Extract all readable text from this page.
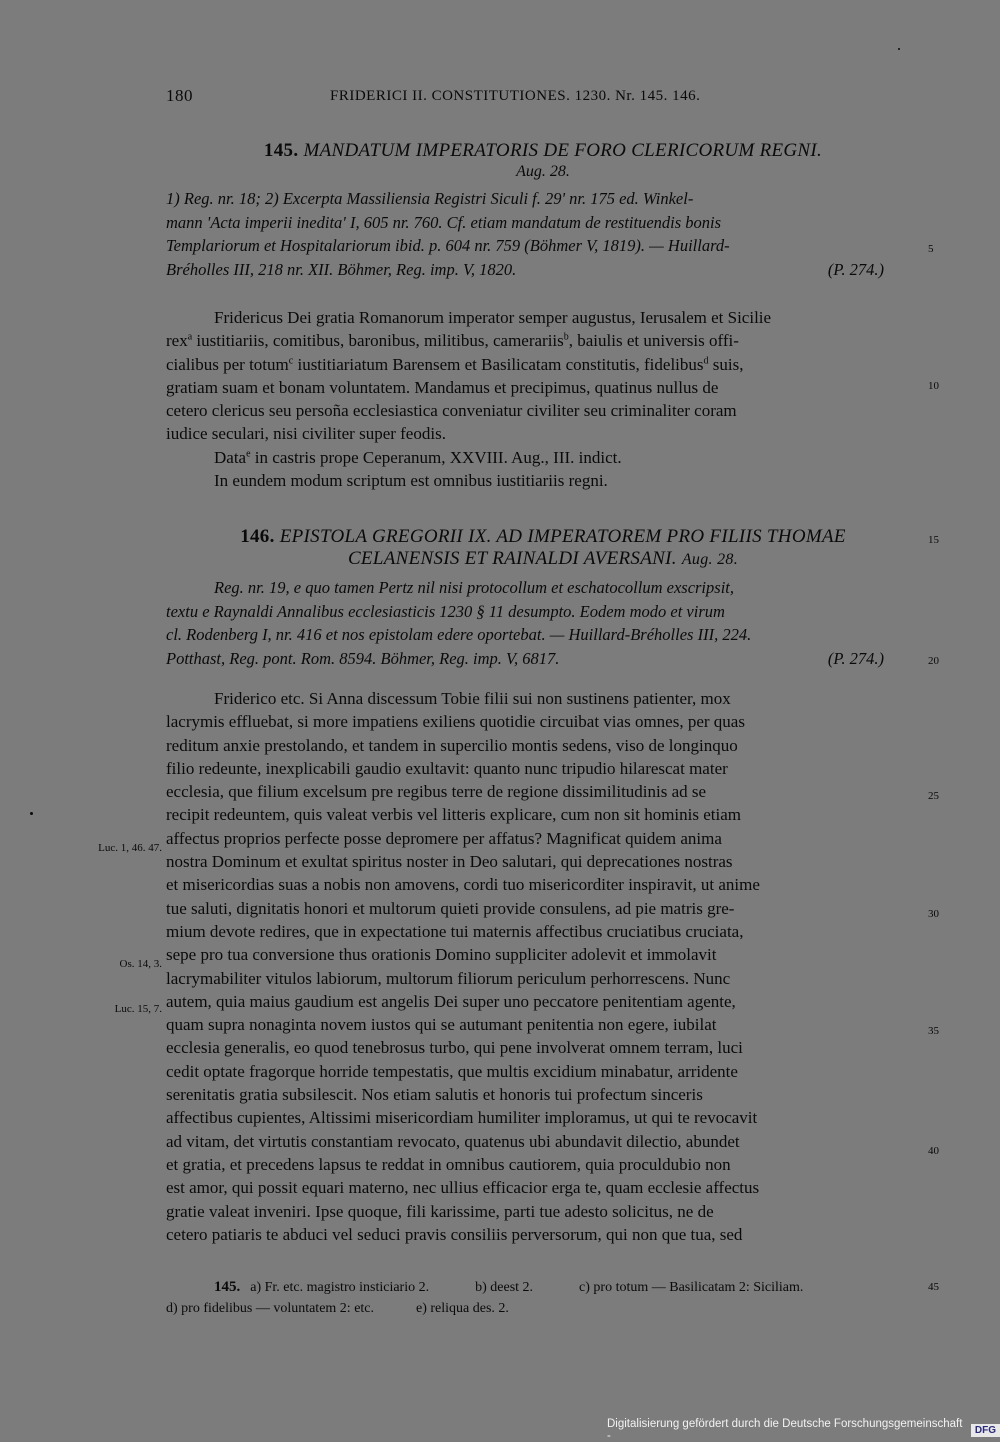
180	FRIDERICI II. CONSTITUTIONES. 1230. Nr. 145. 146.
145. MANDATUM IMPERATORIS DE FORO CLERICORUM REGNI.
Aug. 28.
1) Reg. nr. 18; 2) Excerpta Massiliensia Registri Siculi f. 29' nr. 175 ed. Winkel-
mann 'Acta imperii inedita' I, 605 nr. 760. Cf. etiam mandatum de restituendis bonis
Templariorum et Hospitalariorum ibid. p. 604 nr. 759 (Böhmer V, 1819). — Huillard-
Bréholles III, 218 nr. XII. Böhmer, Reg. imp. V, 1820.	(P. 274.)
Fridericus Dei gratia Romanorum imperator semper augustus, Ierusalem et Sicilie
rex$^a$ iustitiariis, comitibus, baronibus, militibus, camerariis$^b$, baiulis et universis offi-
cialibus per totum$^c$ iustitiariatum Barensem et Basilicatam constitutis, fidelibus$^d$ suis,
gratiam suam et bonam voluntatem. Mandamus et precipimus, quatinus nullus de
cetero clericus seu persoña ecclesiastica conveniatur civiliter seu criminaliter coram
iudice seculari, nisi civiliter super feodis.
Data$^e$ in castris prope Ceperanum, XXVIII. Aug., III. indict.
In eundem modum scriptum est omnibus iustitiariis regni.
146. EPISTOLA GREGORII IX. AD IMPERATOREM PRO FILIIS THOMAE
CELANENSIS ET RAINALDI AVERSANI. Aug. 28.
Reg. nr. 19, e quo tamen Pertz nil nisi protocollum et eschatocollum exscripsit,
textu e Raynaldi Annalibus ecclesiasticis 1230 § 11 desumpto. Eodem modo et virum
cl. Rodenberg I, nr. 416 et nos epistolam edere oportebat. — Huillard-Bréholles III, 224.
Potthast, Reg. pont. Rom. 8594. Böhmer, Reg. imp. V, 6817.	(P. 274.)
Friderico etc. Si Anna discessum Tobie filii sui non sustinens patienter, mox
lacrymis effluebat, si more impatiens exiliens quotidie circuibat vias omnes, per quas
reditum anxie prestolando, et tandem in supercilio montis sedens, viso de longinquo
filio redeunte, inexplicabili gaudio exultavit: quanto nunc tripudio hilarescat mater
ecclesia, que filium excelsum pre regibus terre de regione dissimilitudinis ad se
recipit redeuntem, quis valeat verbis vel litteris explicare, cum non sit hominis etiam
affectus proprios perfecte posse depromere per affatus? Magnificat quidem anima
nostra Dominum et exultat spiritus noster in Deo salutari, qui deprecationes nostras
et misericordias suas a nobis non amovens, cordi tuo misericorditer inspiravit, ut anime
tue saluti, dignitatis honori et multorum quieti provide consulens, ad pie matris gre-
mium devote redires, que in expectatione tui maternis affectibus cruciatibus cruciata,
sepe pro tua conversione thus orationis Domino suppliciter adolevit et immolavit
lacrymabiliter vitulos labiorum, multorum filiorum periculum perhorrescens. Nunc
autem, quia maius gaudium est angelis Dei super uno peccatore penitentiam agente,
quam supra nonaginta novem iustos qui se autumant penitentia non egere, iubilat
ecclesia generalis, eo quod tenebrosus turbo, qui pene involverat omnem terram, luci
cedit optate fragorque horride tempestatis, que multis excidium minabatur, arridente
serenitatis gratia subsilescit. Nos etiam salutis et honoris tui profectum sinceris
affectibus cupientes, Altissimi misericordiam humiliter imploramus, ut qui te revocavit
ad vitam, det virtutis constantiam revocato, quatenus ubi abundavit dilectio, abundet
et gratia, et precedens lapsus te reddat in omnibus cautiorem, quia proculdubio non
est amor, qui possit equari materno, nec ullius efficacior erga te, quam ecclesie affectus
gratie valeat inveniri. Ipse quoque, fili karissime, parti tue adesto solicitus, ne de
cetero patiaris te abduci vel seduci pravis consiliis perversorum, qui non que tua, sed
5
10
15
20
25
30
35
40
45
Luc. 1, 46. 47.
Os. 14, 3.
Luc. 15, 7.
145. a) Fr. etc. magistro insticiario 2.	b) deest 2.	c) pro totum — Basilicatam 2: Siciliam.
d) pro fidelibus — voluntatem 2: etc.	e) reliqua des. 2.
Digitalisierung gefördert durch die Deutsche Forschungsgemeinschaft -	DFG
